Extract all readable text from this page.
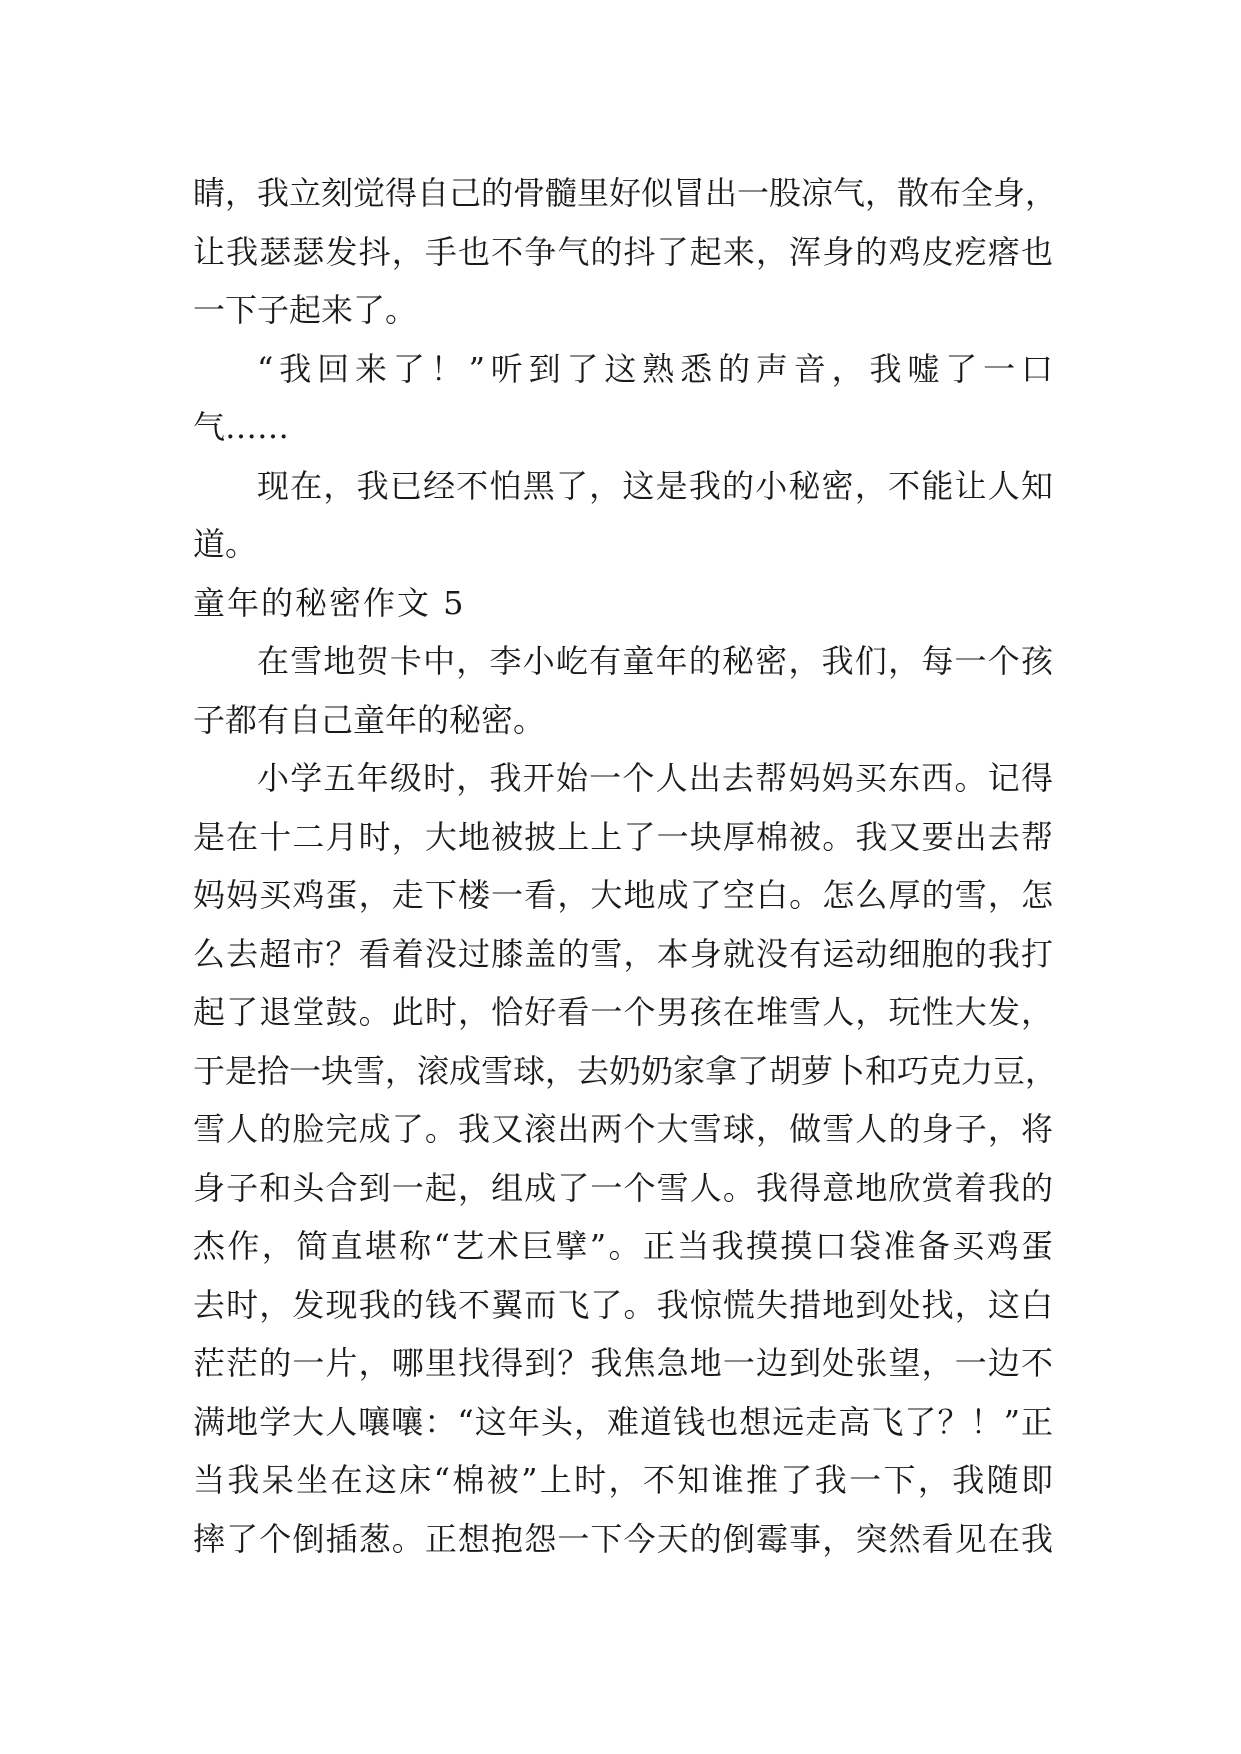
睛，我立刻觉得自己的骨髓里好似冒出一股凉气，散布全身，
让我瑟瑟发抖，手也不争气的抖了起来，浑身的鸡皮疙瘩也
一下子起来了。
“我回来了！”听到了这熟悉的声音，我嘘了一口
气……
现在，我已经不怕黑了，这是我的小秘密，不能让人知
道。
童年的秘密作文 5
在雪地贺卡中，李小屹有童年的秘密，我们，每一个孩
子都有自己童年的秘密。
小学五年级时，我开始一个人出去帮妈妈买东西。记得
是在十二月时，大地被披上上了一块厚棉被。我又要出去帮
妈妈买鸡蛋，走下楼一看，大地成了空白。怎么厚的雪，怎
么去超市？看着没过膝盖的雪，本身就没有运动细胞的我打
起了退堂鼓。此时，恰好看一个男孩在堆雪人，玩性大发，
于是拾一块雪，滚成雪球，去奶奶家拿了胡萝卜和巧克力豆，
雪人的脸完成了。我又滚出两个大雪球，做雪人的身子，将
身子和头合到一起，组成了一个雪人。我得意地欣赏着我的
杰作，简直堪称“艺术巨擘”。正当我摸摸口袋准备买鸡蛋
去时，发现我的钱不翼而飞了。我惊慌失措地到处找，这白
茫茫的一片，哪里找得到？我焦急地一边到处张望，一边不
满地学大人嚷嚷：“这年头，难道钱也想远走高飞了？！”正
当我呆坐在这床“棉被”上时，不知谁推了我一下，我随即
摔了个倒插葱。正想抱怨一下今天的倒霉事，突然看见在我
